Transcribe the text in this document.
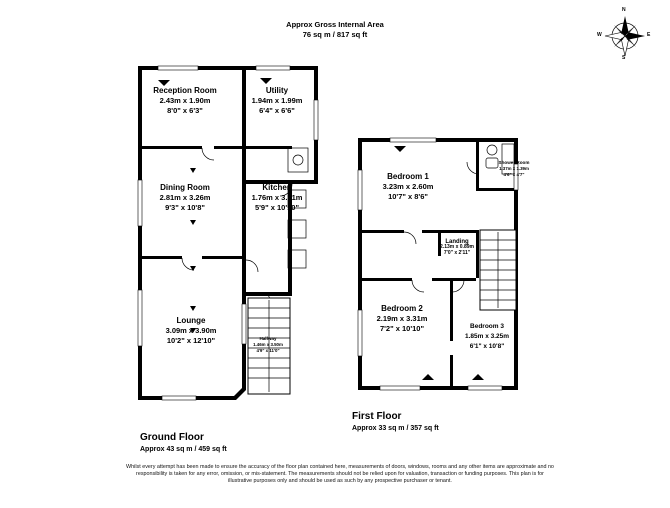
Approx Gross Internal Area
76 sq m / 817 sq ft
N
E
S
W
Reception Room
2.43m x 1.90m
8'0" x 6'3"
Utility
1.94m x 1.99m
6'4" x 6'6"
Dining Room
2.81m x 3.26m
9'3" x 10'8"
Kitchen
1.76m x 3.31m
5'9" x 10'10"
Lounge
3.09m x 3.90m
10'2" x 12'10"	Hallway
1.46m x 3.50m
4'9" x 11'0"
Ground Floor
Approx 43 sq m / 459 sq ft
Bedroom 1
3.23m x 2.60m
10'7" x 8'6"
Shower Room
1.37m x 1.39m
4'6" x 4'7"
Landing
2.13m x 0.89m
7'0" x 2'11"
Bedroom 2
2.19m x 3.31m
7'2" x 10'10"	Bedroom 3
1.85m x 3.25m
6'1" x 10'8"
First Floor
Approx 33 sq m / 357 sq ft
Whilst every attempt has been made to ensure the accuracy of the floor plan contained here, measurements of doors, windows, rooms and any other items are approximate and no responsibility is taken for any error, omission, or mis-statement. The measurements should not be relied upon for valuation, transaction or funding purposes. This plan is for illustrative purposes only and should be used as such by any prospective purchaser or tenant.
